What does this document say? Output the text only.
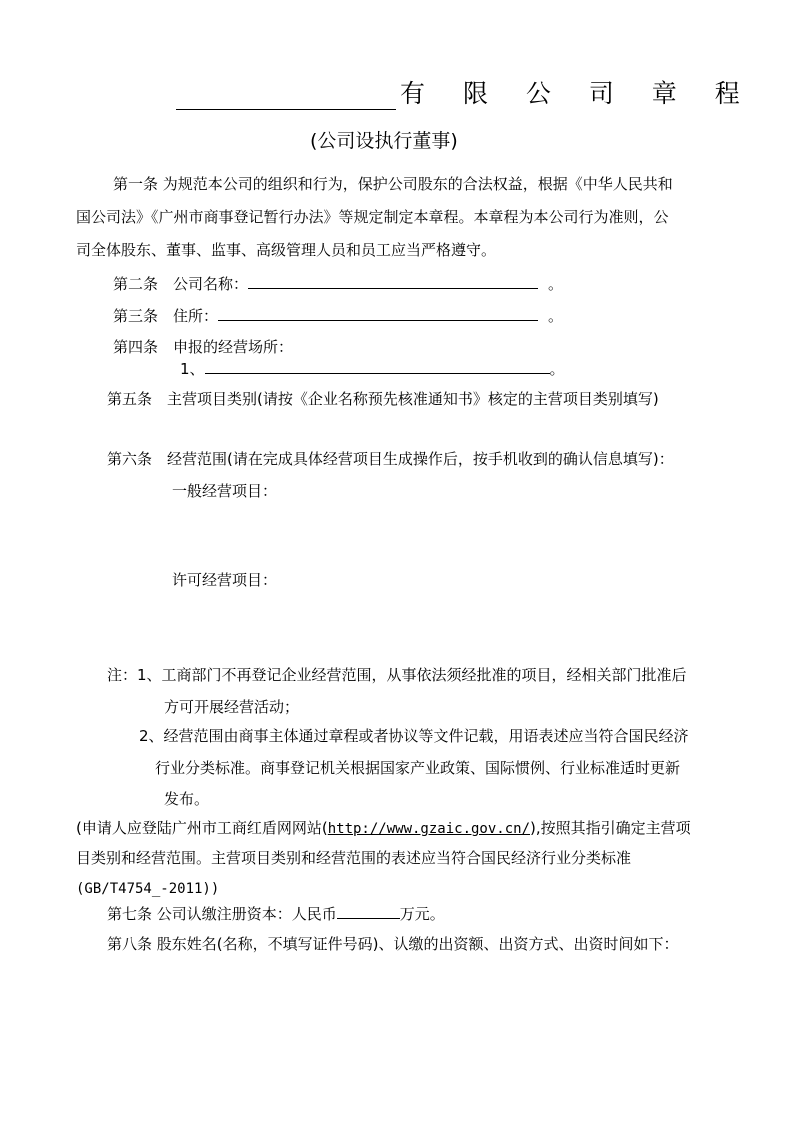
有 限 公 司 章 程
(公司设执行董事)
第一条 为规范本公司的组织和行为，保护公司股东的合法权益，根据《中华人民共和
国公司法》《广州市商事登记暂行办法》等规定制定本章程。本章程为本公司行为准则，公
司全体股东、董事、监事、高级管理人员和员工应当严格遵守。
第二条　公司名称：	。
第三条　住所：	。
第四条　申报的经营场所：
1、	。
第五条　主营项目类别(请按《企业名称预先核准通知书》核定的主营项目类别填写)
第六条　经营范围(请在完成具体经营项目生成操作后，按手机收到的确认信息填写)：
一般经营项目：
许可经营项目：
注：1、工商部门不再登记企业经营范围，从事依法须经批准的项目，经相关部门批准后
方可开展经营活动；
2、经营范围由商事主体通过章程或者协议等文件记载，用语表述应当符合国民经济
行业分类标准。商事登记机关根据国家产业政策、国际惯例、行业标准适时更新
发布。
(申请人应登陆广州市工商红盾网网站(http://www.gzaic.gov.cn/),按照其指引确定主营项
目类别和经营范围。主营项目类别和经营范围的表述应当符合国民经济行业分类标准
(GB/T4754_-2011))
第七条 公司认缴注册资本：人民币	万元。
第八条 股东姓名(名称，不填写证件号码)、认缴的出资额、出资方式、出资时间如下：
